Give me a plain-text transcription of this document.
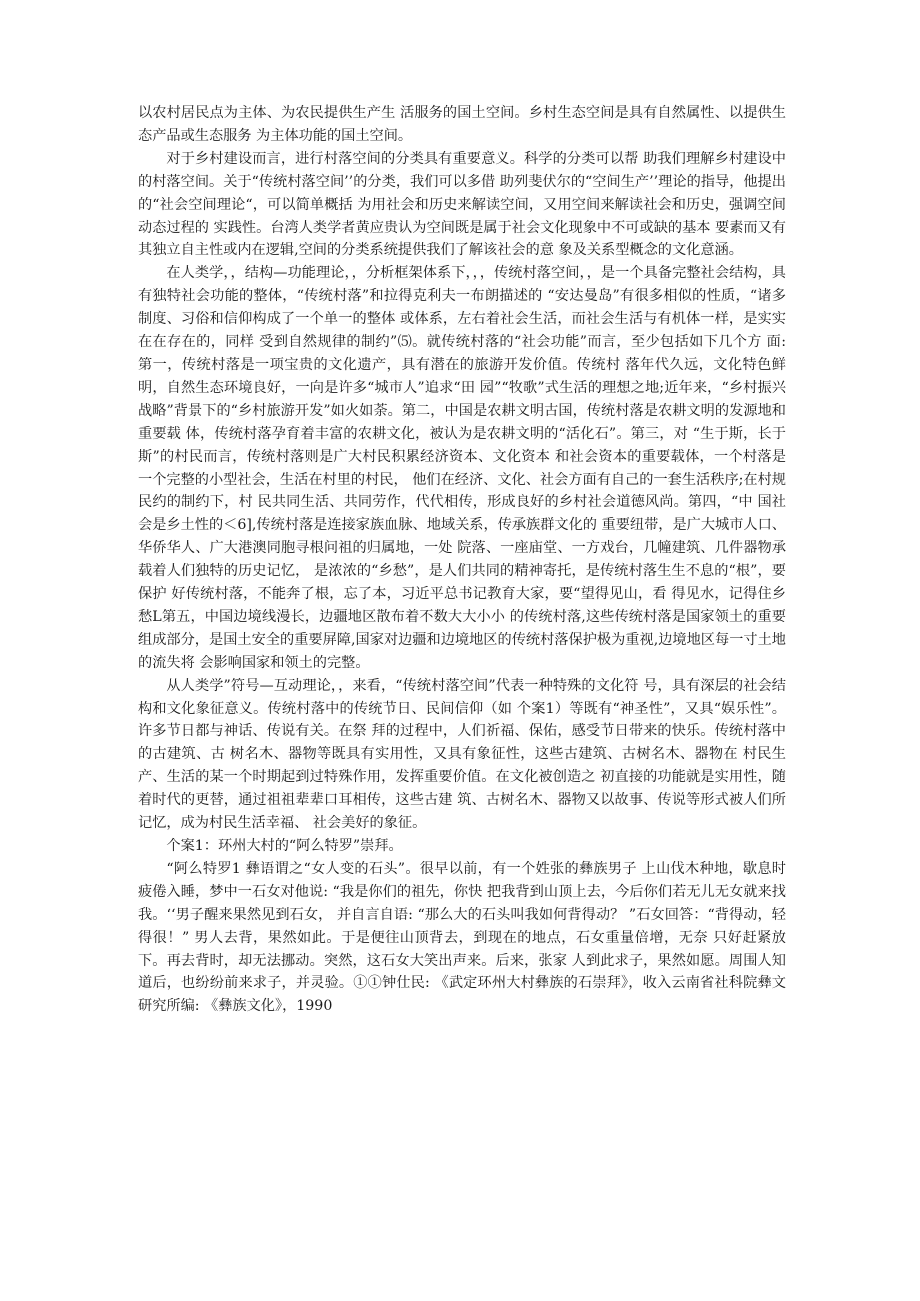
以农村居民点为主体、为农民提供生产生 活服务的国土空间。乡村生态空间是具有自然属性、以提供生态产品或生态服务 为主体功能的国土空间。

对于乡村建设而言，进行村落空间的分类具有重要意义。科学的分类可以帮 助我们理解乡村建设中的村落空间。关于“传统村落空间’’的分类，我们可以多借 助列斐伏尔的“空间生产’’理论的指导，他提出的“社会空间理论“，可以简单概括 为用社会和历史来解读空间，又用空间来解读社会和历史，强调空间动态过程的 实践性。台湾人类学者黄应贵认为空间既是属于社会文化现象中不可或缺的基本 要素而又有其独立自主性或内在逻辑,空间的分类系统提供我们了解该社会的意 象及关系型概念的文化意涵。

在人类学，，结构—功能理论，，分析框架体系下，，，传统村落空间，，是一个具备完整社会结构，具有独特社会功能的整体，“传统村落”和拉得克利夫一布朗描述的 “安达曼岛”有很多相似的性质，“诸多制度、习俗和信仰构成了一个单一的整体 或体系，左右着社会生活，而社会生活与有机体一样，是实实在在存在的，同样 受到自然规律的制约”⑸。就传统村落的“社会功能”而言，至少包括如下几个方 面: 第一，传统村落是一项宝贵的文化遗产，具有潜在的旅游开发价值。传统村 落年代久远，文化特色鲜明，自然生态环境良好，一向是许多“城市人”追求“田 园”“牧歌”式生活的理想之地;近年来，“乡村振兴战略”背景下的“乡村旅游开发”如火如荼。第二，中国是农耕文明古国，传统村落是农耕文明的发源地和重要载 体，传统村落孕育着丰富的农耕文化，被认为是农耕文明的“活化石”。第三，对 “生于斯，长于斯”的村民而言，传统村落则是广大村民积累经济资本、文化资本 和社会资本的重要载体，一个村落是一个完整的小型社会，生活在村里的村民， 他们在经济、文化、社会方面有自己的一套生活秩序;在村规民约的制约下，村 民共同生活、共同劳作，代代相传，形成良好的乡村社会道德风尚。第四，“中 国社会是乡土性的＜6],传统村落是连接家族血脉、地域关系，传承族群文化的 重要纽带，是广大城市人口、华侨华人、广大港澳同胞寻根问祖的归属地，一处 院落、一座庙堂、一方戏台，几幢建筑、几件器物承载着人们独特的历史记忆， 是浓浓的“乡愁”，是人们共同的精神寄托，是传统村落生生不息的“根”，要保护 好传统村落，不能奔了根，忘了本，习近平总书记教育大家，要“望得见山，看 得见水，记得住乡愁L第五，中国边境线漫长，边疆地区散布着不数大大小小 的传统村落,这些传统村落是国家领土的重要组成部分，是国土安全的重要屏障,国家对边疆和边境地区的传统村落保护极为重视,边境地区每一寸土地的流失将 会影响国家和领土的完整。

从人类学”符号—互动理论，，来看，“传统村落空间”代表一种特殊的文化符 号，具有深层的社会结构和文化象征意义。传统村落中的传统节日、民间信仰（如 个案1）等既有“神圣性”，又具“娱乐性”。许多节日都与神话、传说有关。在祭 拜的过程中，人们祈福、保佑，感受节日带来的快乐。传统村落中的古建筑、古 树名木、器物等既具有实用性，又具有象征性，这些古建筑、古树名木、器物在 村民生产、生活的某一个时期起到过特殊作用，发挥重要价值。在文化被创造之 初直接的功能就是实用性，随着时代的更替，通过祖祖辈辈口耳相传，这些古建 筑、古树名木、器物又以故事、传说等形式被人们所记忆，成为村民生活幸福、 社会美好的象征。

个案1：环州大村的“阿么特罗”崇拜。

“阿么特罗1 彝语谓之“女人变的石头”。很早以前，有一个姓张的彝族男子 上山伐木种地，歇息时疲倦入睡，梦中一石女对他说: “我是你们的祖先，你快 把我背到山顶上去，今后你们若无儿无女就来找我。‘‘男子醒来果然见到石女， 并自言自语: “那么大的石头叫我如何背得动？ ”石女回答：“背得动，轻得很！” 男人去背，果然如此。于是便往山顶背去，到现在的地点，石女重量倍增，无奈 只好赶紧放下。再去背时，却无法挪动。突然，这石女大笑出声来。后来，张家 人到此求子，果然如愿。周围人知道后，也纷纷前来求子，并灵验。①①钟仕民: 《武定环州大村彝族的石崇拜》，收入云南省社科院彝文研究所编: 《彝族文化》，1990
